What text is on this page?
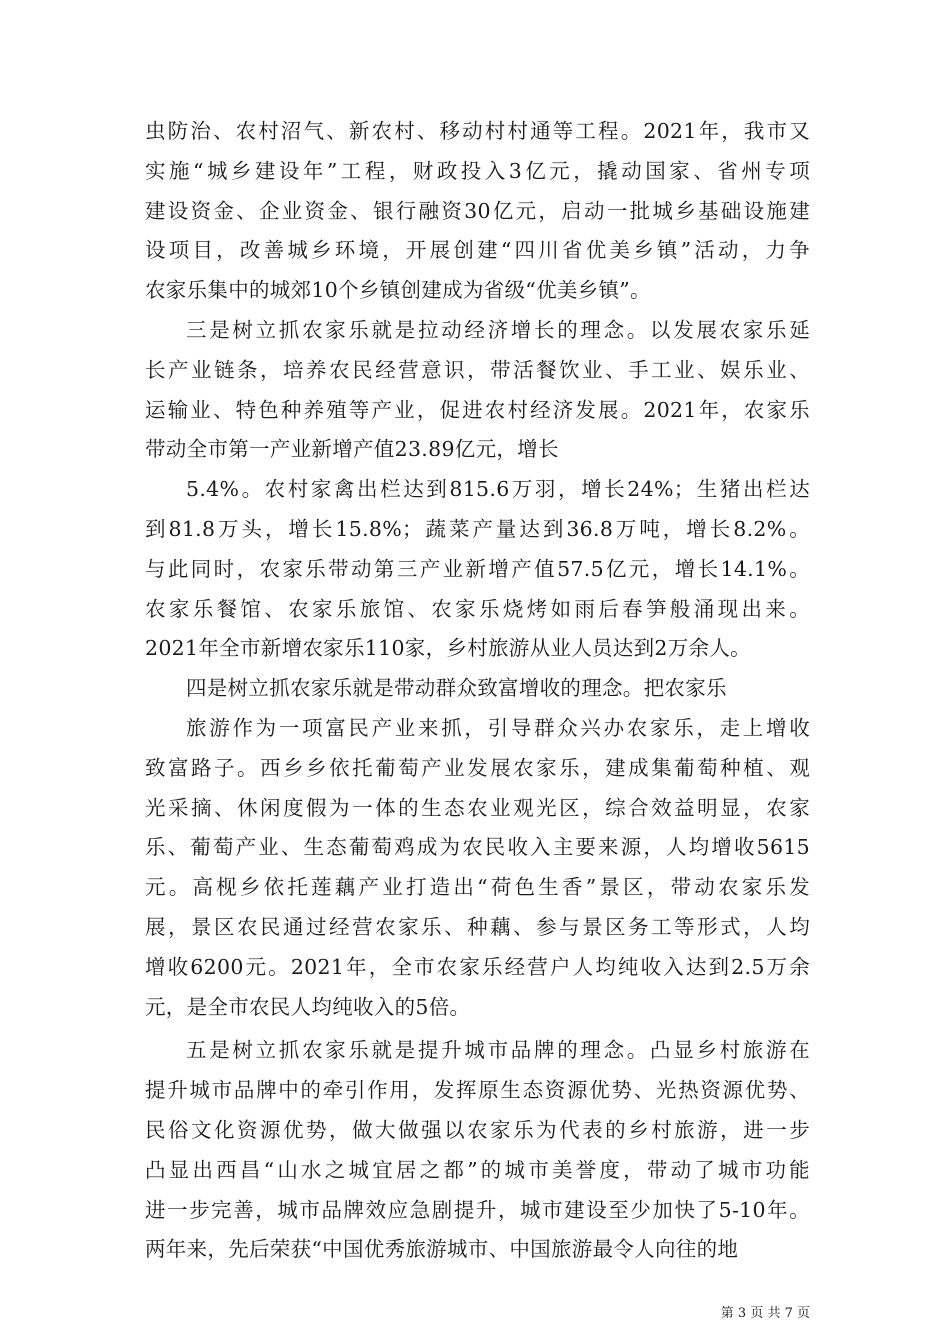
虫防治、农村沼气、新农村、移动村村通等工程。2021年，我市又
实施“城乡建设年”工程，财政投入3亿元，撬动国家、省州专项
建设资金、企业资金、银行融资30亿元，启动一批城乡基础设施建
设项目，改善城乡环境，开展创建“四川省优美乡镇”活动，力争
农家乐集中的城郊10个乡镇创建成为省级“优美乡镇”。
三是树立抓农家乐就是拉动经济增长的理念。以发展农家乐延
长产业链条，培养农民经营意识，带活餐饮业、手工业、娱乐业、
运输业、特色种养殖等产业，促进农村经济发展。2021年，农家乐
带动全市第一产业新增产值23.89亿元，增长
5.4%。农村家禽出栏达到815.6万羽，增长24%；生猪出栏达
到81.8万头，增长15.8%；蔬菜产量达到36.8万吨，增长8.2%。
与此同时，农家乐带动第三产业新增产值57.5亿元，增长14.1%。
农家乐餐馆、农家乐旅馆、农家乐烧烤如雨后春笋般涌现出来。
2021年全市新增农家乐110家，乡村旅游从业人员达到2万余人。
四是树立抓农家乐就是带动群众致富增收的理念。把农家乐
旅游作为一项富民产业来抓，引导群众兴办农家乐，走上增收
致富路子。西乡乡依托葡萄产业发展农家乐，建成集葡萄种植、观
光采摘、休闲度假为一体的生态农业观光区，综合效益明显，农家
乐、葡萄产业、生态葡萄鸡成为农民收入主要来源，人均增收5615
元。高枧乡依托莲藕产业打造出“荷色生香”景区，带动农家乐发
展，景区农民通过经营农家乐、种藕、参与景区务工等形式，人均
增收6200元。2021年，全市农家乐经营户人均纯收入达到2.5万余
元，是全市农民人均纯收入的5倍。
五是树立抓农家乐就是提升城市品牌的理念。凸显乡村旅游在
提升城市品牌中的牵引作用，发挥原生态资源优势、光热资源优势、
民俗文化资源优势，做大做强以农家乐为代表的乡村旅游，进一步
凸显出西昌“山水之城宜居之都”的城市美誉度，带动了城市功能
进一步完善，城市品牌效应急剧提升，城市建设至少加快了5-10年。
两年来，先后荣获“中国优秀旅游城市、中国旅游最令人向往的地
第 3 页 共 7 页
